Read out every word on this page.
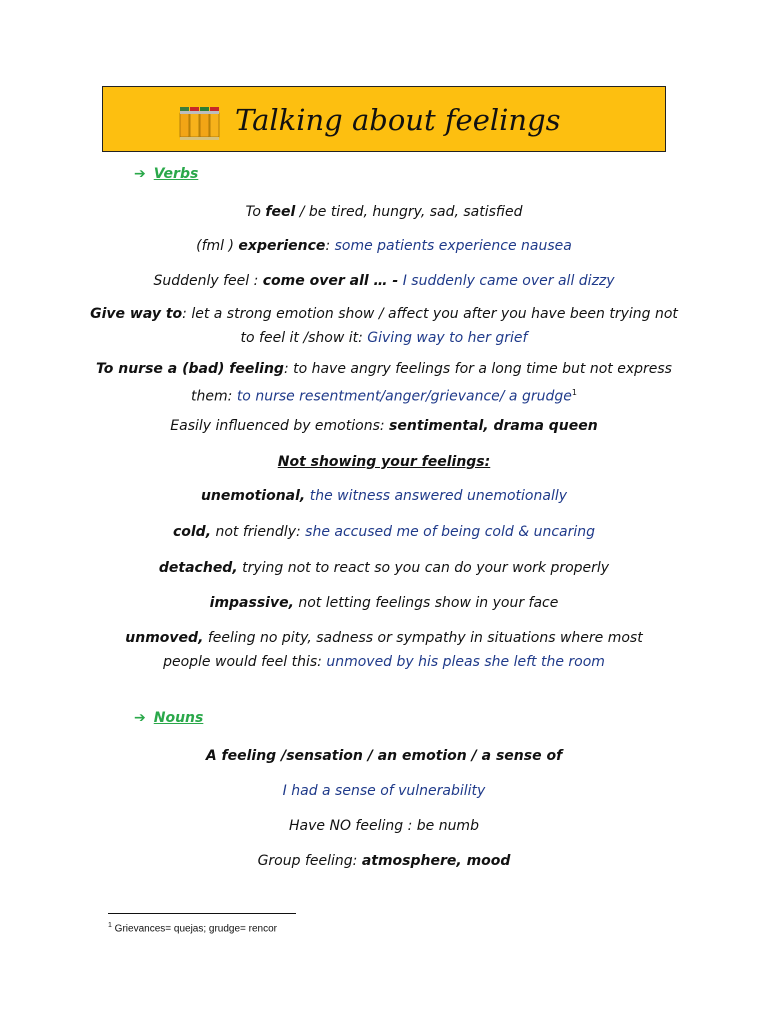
Talking about feelings
➔ Verbs
To feel / be tired, hungry, sad, satisfied
(fml ) experience: some patients experience nausea
Suddenly feel : come over all … - I suddenly came over all dizzy
Give way to: let a strong emotion show / affect you after you have been trying not to feel it /show it: Giving way to her grief
To nurse a (bad) feeling: to have angry feelings for a long time but not express them: to nurse resentment/anger/grievance/ a grudge$^1$
Easily influenced by emotions: sentimental, drama queen
Not showing your feelings:
unemotional, the witness answered unemotionally
cold, not friendly: she accused me of being cold & uncaring
detached, trying not to react so you can do your work properly
impassive, not letting feelings show in your face
unmoved, feeling no pity, sadness or sympathy in situations where most people would feel this: unmoved by his pleas she left the room
➔ Nouns
A feeling /sensation / an emotion / a sense of
I had a sense of vulnerability
Have NO feeling : be numb
Group feeling: atmosphere, mood
$^1$ Grievances= quejas; grudge= rencor
